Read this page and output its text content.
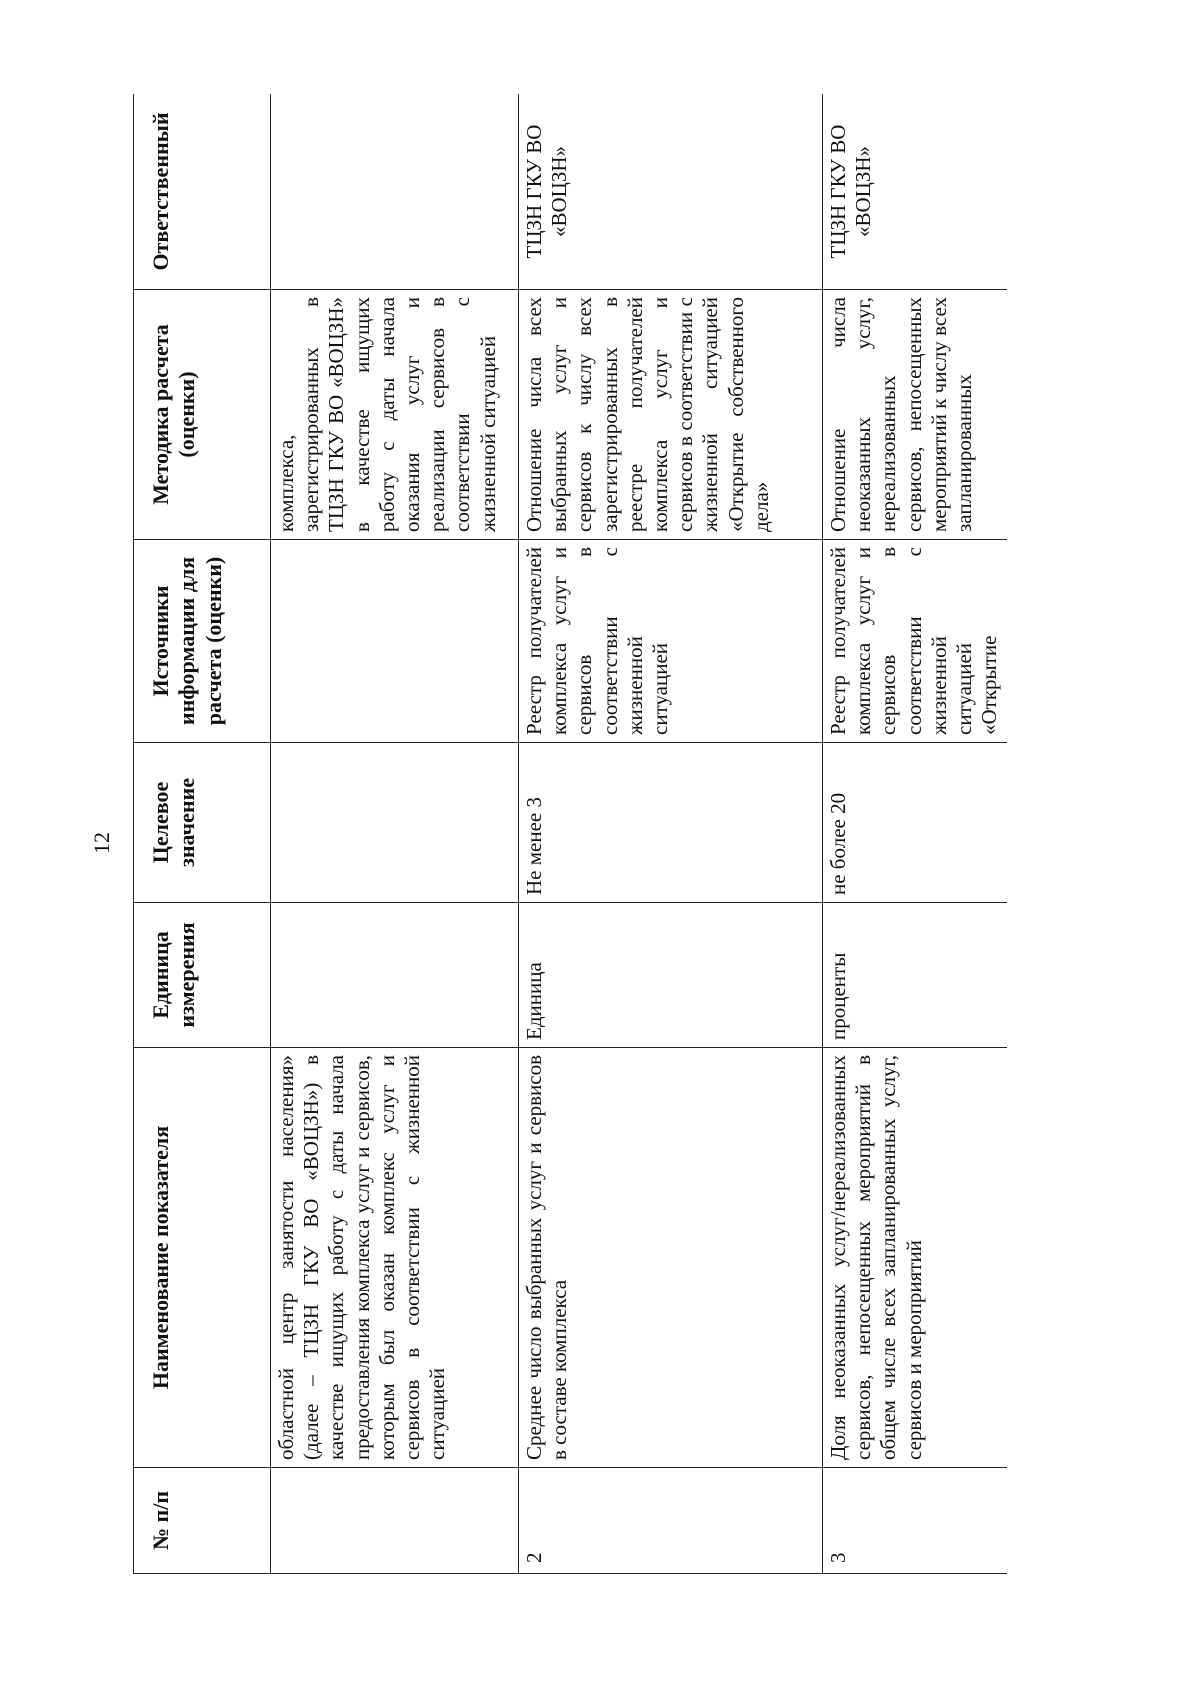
12
№ п/п	Наименование показателя	Единица измерения	Целевое значение	Источники информации для расчета (оценки)	Методика расчета (оценки)	Ответственный
	областной центр занятости населения» (далее – ТЦЗН ГКУ ВО «ВОЦЗН») в качестве ищущих работу с даты начала предоставления комплекса услуг и сервисов, которым был оказан комплекс услуг и сервисов в соответствии с жизненной ситуацией				комплекса, зарегистрированных в ТЦЗН ГКУ ВО «ВОЦЗН» в качестве ищущих работу с даты начала оказания услуг и реализации сервисов в соответствии с жизненной ситуацией	
2	Среднее число выбранных услуг и сервисов в составе комплекса	Единица	Не менее 3	Реестр получателей комплекса услуг и сервисов в соответствии с жизненной ситуацией	Отношение числа всех выбранных услуг и сервисов к числу всех зарегистрированных в реестре получателей комплекса услуг и сервисов в соответствии с жизненной ситуацией «Открытие собственного дела»	ТЦЗН ГКУ ВО «ВОЦЗН»
3	Доля неоказанных услуг/нереализованных сервисов, непосещенных мероприятий в общем числе всех запланированных услуг, сервисов и мероприятий	проценты	не более 20	Реестр получателей комплекса услуг и сервисов в соответствии с жизненной ситуацией «Открытие	Отношение числа неоказанных услуг, нереализованных сервисов, непосещенных мероприятий к числу всех запланированных	ТЦЗН ГКУ ВО «ВОЦЗН»
